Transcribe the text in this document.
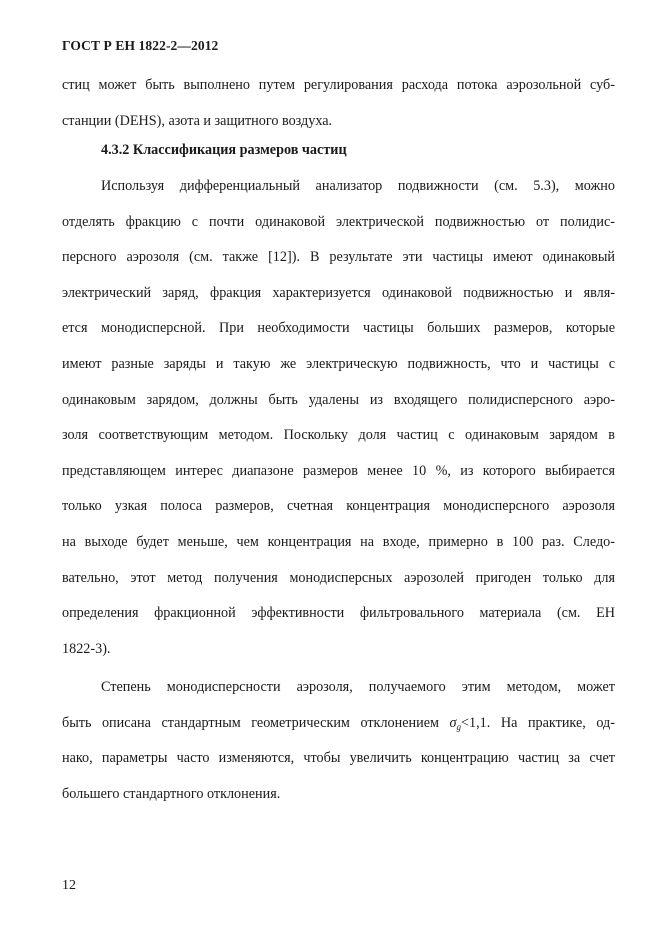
ГОСТ Р ЕН 1822-2—2012
стиц может быть выполнено путем регулирования расхода потока аэрозольной суб-
станции (DEHS), азота и защитного воздуха.
4.3.2 Классификация размеров частиц
Используя дифференциальный анализатор подвижности (см. 5.3), можно
отделять фракцию с почти одинаковой электрической подвижностью от полидис-
персного аэрозоля (см. также [12]). В результате эти частицы имеют одинаковый
электрический заряд, фракция характеризуется одинаковой подвижностью и явля-
ется монодисперсной. При необходимости частицы больших размеров, которые
имеют разные заряды и такую же электрическую подвижность, что и частицы с
одинаковым зарядом, должны быть удалены из входящего полидисперсного аэро-
золя соответствующим методом. Поскольку доля частиц с одинаковым зарядом в
представляющем интерес диапазоне размеров менее 10 %, из которого выбирается
только узкая полоса размеров, счетная концентрация монодисперсного аэрозоля
на выходе будет меньше, чем концентрация на входе, примерно в 100 раз. Следо-
вательно, этот метод получения монодисперсных аэрозолей пригоден только для
определения фракционной эффективности фильтровального материала (см. ЕН
1822-3).
Степень монодисперсности аэрозоля, получаемого этим методом, может
быть описана стандартным геометрическим отклонением $\sigma_g<1,1$. На практике, од-
нако, параметры часто изменяются, чтобы увеличить концентрацию частиц за счет
большего стандартного отклонения.
12
